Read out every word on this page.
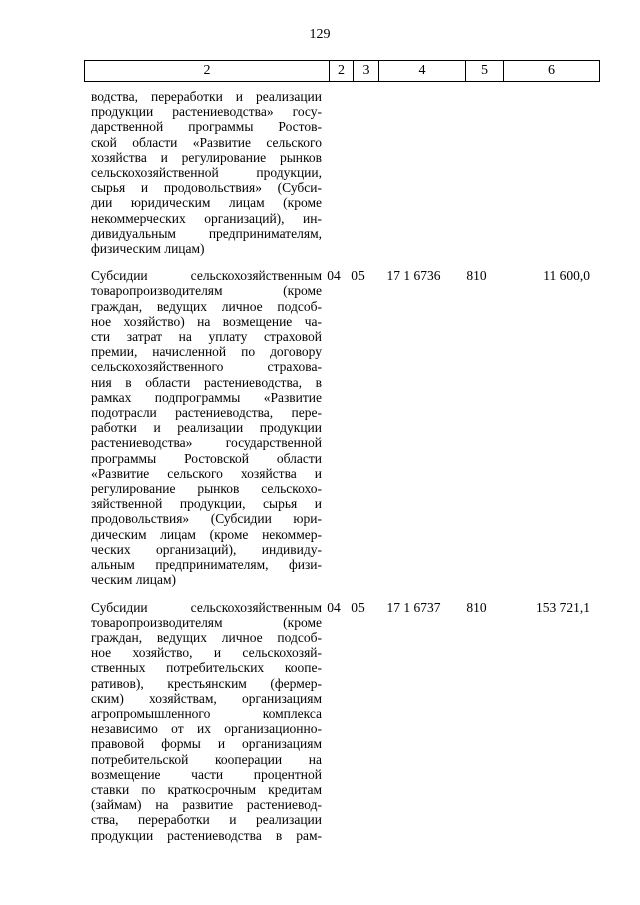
129
2	2	3	4	5	6
водства, переработки и реализации
продукции растениеводства» госу-
дарственной программы Ростов-
ской области «Развитие сельского
хозяйства и регулирование рынков
сельскохозяйственной продукции,
сырья и продовольствия» (Субси-
дии юридическим лицам (кроме
некоммерческих организаций), ин-
дивидуальным предпринимателям,
физическим лицам)
Субсидии сельскохозяйственным
товаропроизводителям (кроме
граждан, ведущих личное подсоб-
ное хозяйство) на возмещение ча-
сти затрат на уплату страховой
премии, начисленной по договору
сельскохозяйственного страхова-
ния в области растениеводства, в
рамках подпрограммы «Развитие
подотрасли растениеводства, пере-
работки и реализации продукции
растениеводства» государственной
программы Ростовской области
«Развитие сельского хозяйства и
регулирование рынков сельскохо-
зяйственной продукции, сырья и
продовольствия» (Субсидии юри-
дическим лицам (кроме некоммер-
ческих организаций), индивиду-
альным предпринимателям, физи-
ческим лицам)
04 05	17 1 6736	810	11 600,0
Субсидии сельскохозяйственным
товаропроизводителям (кроме
граждан, ведущих личное подсоб-
ное хозяйство, и сельскохозяй-
ственных потребительских коопе-
ративов), крестьянским (фермер-
ским) хозяйствам, организациям
агропромышленного комплекса
независимо от их организационно-
правовой формы и организациям
потребительской кооперации на
возмещение части процентной
ставки по краткосрочным кредитам
(займам) на развитие растениевод-
ства, переработки и реализации
продукции растениеводства в рам-
04 05	17 1 6737	810	153 721,1
